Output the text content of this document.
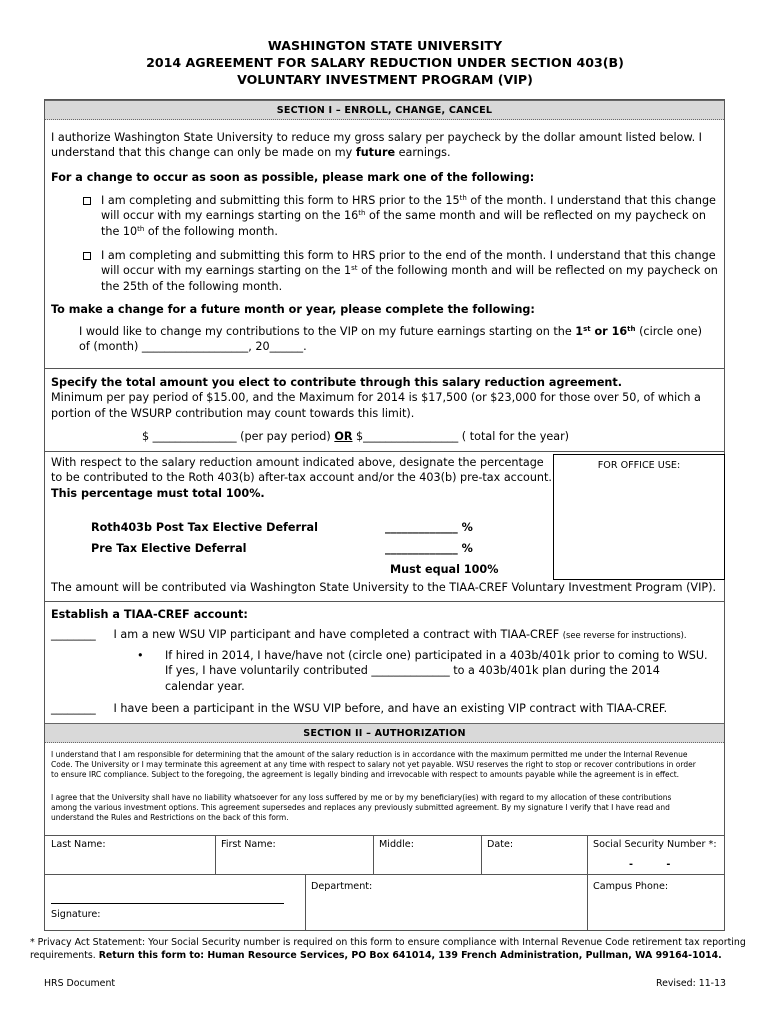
WASHINGTON STATE UNIVERSITY
2014 AGREEMENT FOR SALARY REDUCTION UNDER SECTION 403(B)
VOLUNTARY INVESTMENT PROGRAM (VIP)
SECTION I – ENROLL, CHANGE, CANCEL
I authorize Washington State University to reduce my gross salary per paycheck by the dollar amount listed below. I
understand that this change can only be made on my future earnings.
For a change to occur as soon as possible, please mark one of the following:
I am completing and submitting this form to HRS prior to the 15th of the month. I understand that this change
will occur with my earnings starting on the 16th of the same month and will be reflected on my paycheck on
the 10th of the following month.
I am completing and submitting this form to HRS prior to the end of the month. I understand that this change
will occur with my earnings starting on the 1st of the following month and will be reflected on my paycheck on
the 25th of the following month.
To make a change for a future month or year, please complete the following:
I would like to change my contributions to the VIP on my future earnings starting on the 1st or 16th (circle one)
of (month) ___________________, 20______.
Specify the total amount you elect to contribute through this salary reduction agreement.
Minimum per pay period of $15.00, and the Maximum for 2014 is $17,500 (or $23,000 for those over 50, of which a
portion of the WSURP contribution may count towards this limit).
$ _______________ (per pay period) OR $_________________ ( total for the year)
With respect to the salary reduction amount indicated above, designate the percentage
to be contributed to the Roth 403(b) after-tax account and/or the 403(b) pre-tax account.
This percentage must total 100%.
FOR OFFICE USE:
Roth403b Post Tax Elective Deferral	_____________ %
Pre Tax Elective Deferral	_____________ %
Must equal 100%
The amount will be contributed via Washington State University to the TIAA-CREF Voluntary Investment Program (VIP).
Establish a TIAA-CREF account:
________ I am a new WSU VIP participant and have completed a contract with TIAA-CREF (see reverse for instructions).
•	If hired in 2014, I have/have not (circle one) participated in a 403b/401k prior to coming to WSU.
If yes, I have voluntarily contributed ______________ to a 403b/401k plan during the 2014
calendar year.
________ I have been a participant in the WSU VIP before, and have an existing VIP contract with TIAA-CREF.
SECTION II – AUTHORIZATION
I understand that I am responsible for determining that the amount of the salary reduction is in accordance with the maximum permitted me under the Internal Revenue
Code. The University or I may terminate this agreement at any time with respect to salary not yet payable. WSU reserves the right to stop or recover contributions in order
to ensure IRC compliance. Subject to the foregoing, the agreement is legally binding and irrevocable with respect to amounts payable while the agreement is in effect.
I agree that the University shall have no liability whatsoever for any loss suffered by me or by my beneficiary(ies) with regard to my allocation of these contributions
among the various investment options. This agreement supersedes and replaces any previously submitted agreement. By my signature I verify that I have read and
understand the Rules and Restrictions on the back of this form.
Last Name:	First Name:	Middle:	Date:	Social Security Number *:
-          -
Department:	Campus Phone:
Signature:
* Privacy Act Statement: Your Social Security number is required on this form to ensure compliance with Internal Revenue Code retirement tax reporting
requirements. Return this form to: Human Resource Services, PO Box 641014, 139 French Administration, Pullman, WA 99164-1014.
HRS Document	Revised: 11-13
